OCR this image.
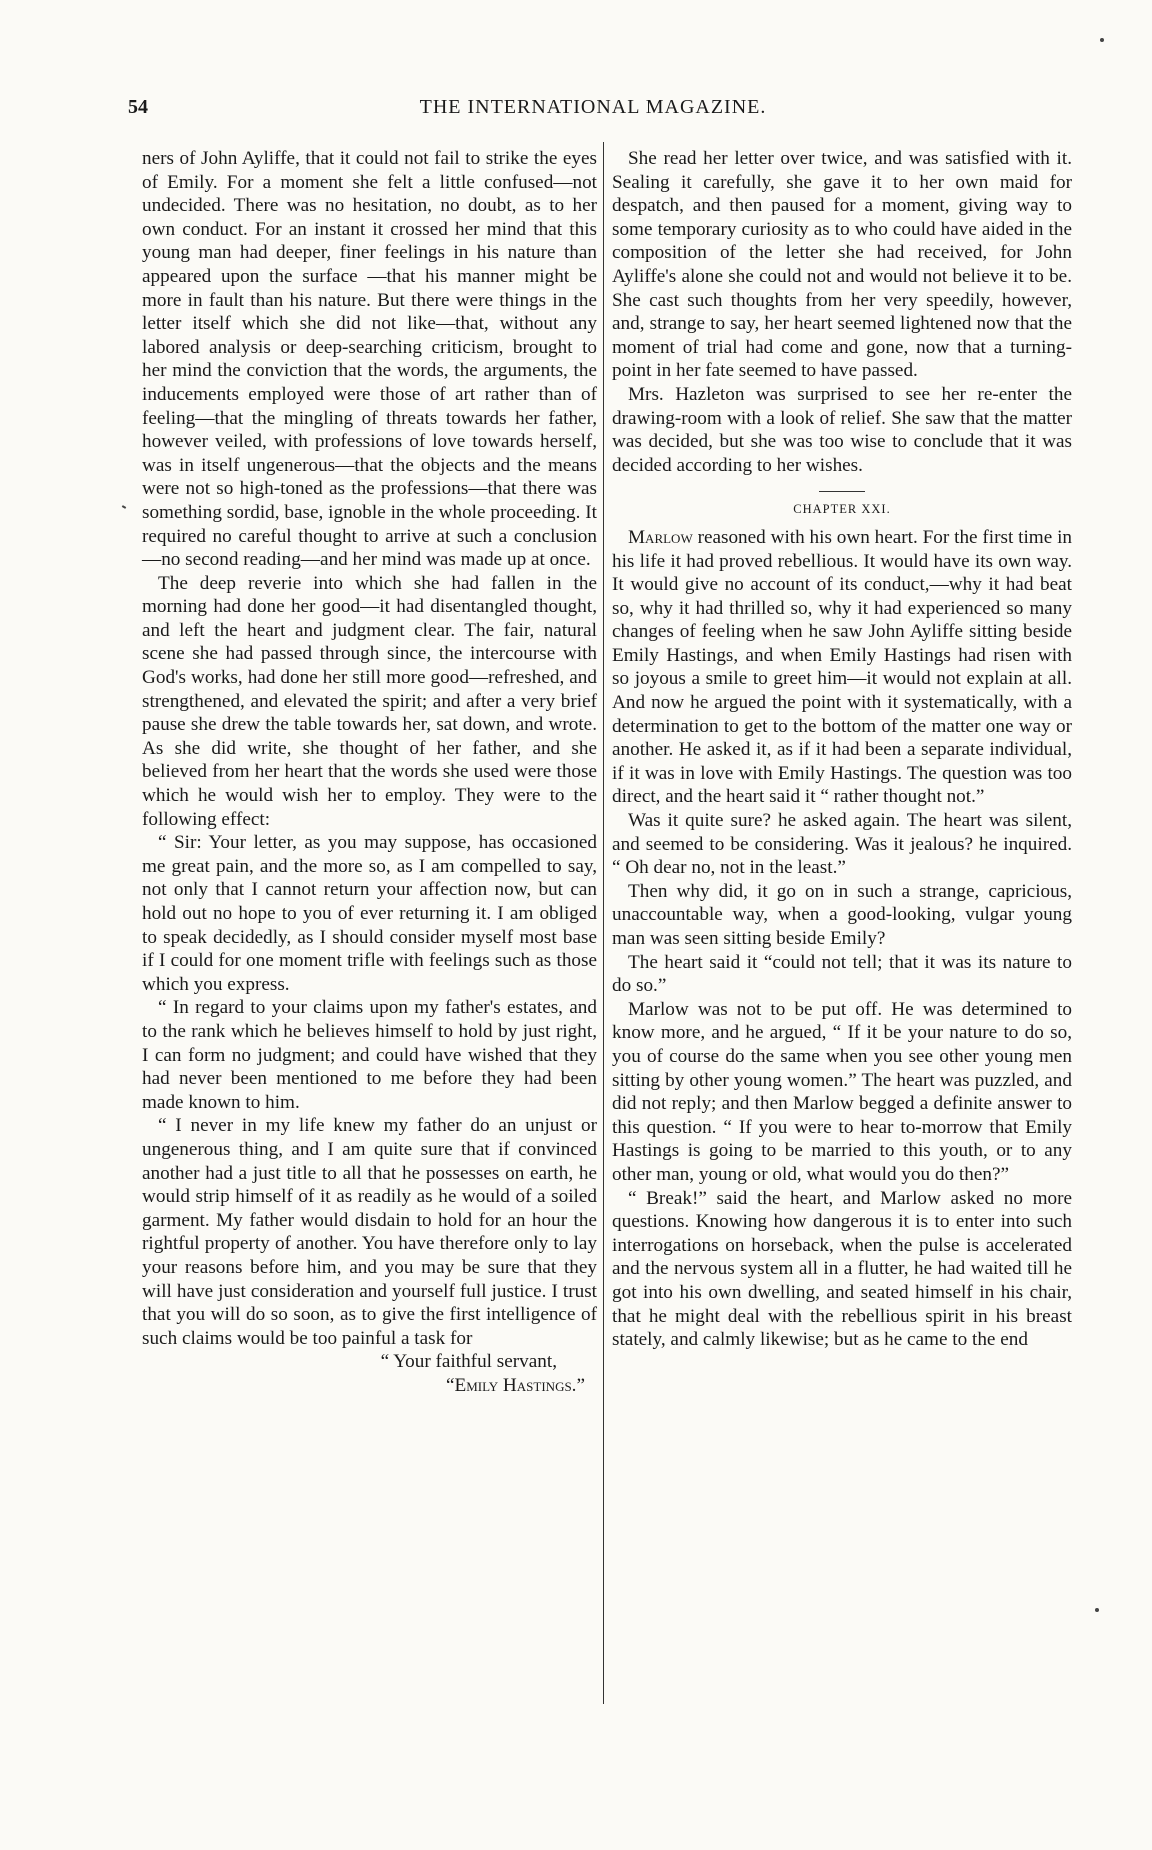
54	THE INTERNATIONAL MAGAZINE.

ners of John Ayliffe, that it could not fail to strike the eyes of Emily. For a moment she felt a little confused—not undecided. There was no hesitation, no doubt, as to her own conduct. For an instant it crossed her mind that this young man had deeper, finer feelings in his nature than appeared upon the surface —that his manner might be more in fault than his nature. But there were things in the letter itself which she did not like—that, without any labored analysis or deep-searching criticism, brought to her mind the conviction that the words, the arguments, the inducements employed were those of art rather than of feeling—that the mingling of threats towards her father, however veiled, with professions of love towards herself, was in itself ungenerous—that the objects and the means were not so high-toned as the professions—that there was something sordid, base, ignoble in the whole proceeding. It required no careful thought to arrive at such a conclusion —no second reading—and her mind was made up at once.

The deep reverie into which she had fallen in the morning had done her good—it had disentangled thought, and left the heart and judgment clear. The fair, natural scene she had passed through since, the intercourse with God's works, had done her still more good—refreshed, and strengthened, and elevated the spirit; and after a very brief pause she drew the table towards her, sat down, and wrote. As she did write, she thought of her father, and she believed from her heart that the words she used were those which he would wish her to employ. They were to the following effect:

“ Sir: Your letter, as you may suppose, has occasioned me great pain, and the more so, as I am compelled to say, not only that I cannot return your affection now, but can hold out no hope to you of ever returning it. I am obliged to speak decidedly, as I should consider myself most base if I could for one moment trifle with feelings such as those which you express.

“ In regard to your claims upon my father's estates, and to the rank which he believes himself to hold by just right, I can form no judgment; and could have wished that they had never been mentioned to me before they had been made known to him.

“ I never in my life knew my father do an unjust or ungenerous thing, and I am quite sure that if convinced another had a just title to all that he possesses on earth, he would strip himself of it as readily as he would of a soiled garment. My father would disdain to hold for an hour the rightful property of another. You have therefore only to lay your reasons before him, and you may be sure that they will have just consideration and yourself full justice. I trust that you will do so soon, as to give the first intelligence of such claims would be too painful a task for

“ Your faithful servant,
“Emily Hastings.”

She read her letter over twice, and was satisfied with it. Sealing it carefully, she gave it to her own maid for despatch, and then paused for a moment, giving way to some temporary curiosity as to who could have aided in the composition of the letter she had received, for John Ayliffe's alone she could not and would not believe it to be. She cast such thoughts from her very speedily, however, and, strange to say, her heart seemed lightened now that the moment of trial had come and gone, now that a turning-point in her fate seemed to have passed.

Mrs. Hazleton was surprised to see her re-enter the drawing-room with a look of relief. She saw that the matter was decided, but she was too wise to conclude that it was decided according to her wishes.

CHAPTER XXI.

Marlow reasoned with his own heart. For the first time in his life it had proved rebellious. It would have its own way. It would give no account of its conduct,—why it had beat so, why it had thrilled so, why it had experienced so many changes of feeling when he saw John Ayliffe sitting beside Emily Hastings, and when Emily Hastings had risen with so joyous a smile to greet him—it would not explain at all. And now he argued the point with it systematically, with a determination to get to the bottom of the matter one way or another. He asked it, as if it had been a separate individual, if it was in love with Emily Hastings. The question was too direct, and the heart said it “ rather thought not.”

Was it quite sure? he asked again. The heart was silent, and seemed to be considering. Was it jealous? he inquired. “ Oh dear no, not in the least.”

Then why did, it go on in such a strange, capricious, unaccountable way, when a good-looking, vulgar young man was seen sitting beside Emily?

The heart said it “could not tell; that it was its nature to do so.”

Marlow was not to be put off. He was determined to know more, and he argued, “ If it be your nature to do so, you of course do the same when you see other young men sitting by other young women.” The heart was puzzled, and did not reply; and then Marlow begged a definite answer to this question. “ If you were to hear to-morrow that Emily Hastings is going to be married to this youth, or to any other man, young or old, what would you do then?”

“ Break!” said the heart, and Marlow asked no more questions. Knowing how dangerous it is to enter into such interrogations on horseback, when the pulse is accelerated and the nervous system all in a flutter, he had waited till he got into his own dwelling, and seated himself in his chair, that he might deal with the rebellious spirit in his breast stately, and calmly likewise; but as he came to the end
